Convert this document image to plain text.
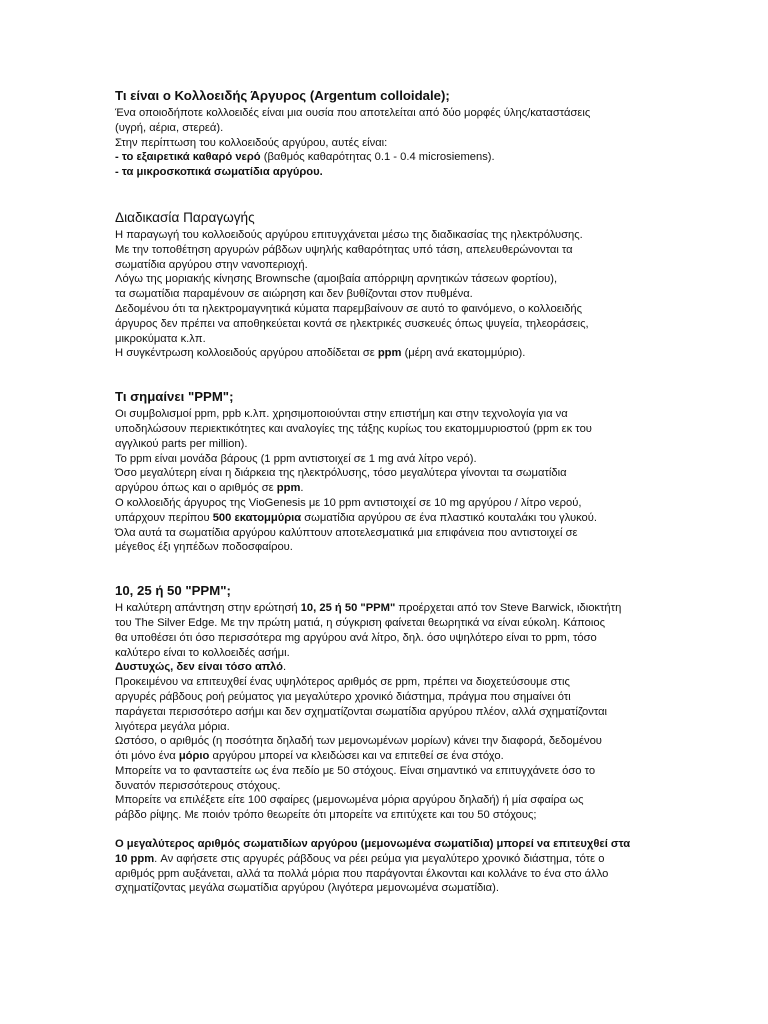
Τι είναι ο Κολλοειδής Άργυρος (Argentum colloidale);

Ένα οποιοδήποτε κολλοειδές είναι μια ουσία που αποτελείται από δύο μορφές ύλης/καταστάσεις

(υγρή, αέρια, στερεά).

Στην περίπτωση του κολλοειδούς αργύρου, αυτές είναι:

- το εξαιρετικά καθαρό νερό (βαθμός καθαρότητας 0.1 - 0.4 microsiemens).

- τα μικροσκοπικά σωματίδια αργύρου.

Διαδικασία Παραγωγής

Η παραγωγή του κολλοειδούς αργύρου επιτυγχάνεται μέσω της διαδικασίας της ηλεκτρόλυσης.

Με την τοποθέτηση αργυρών ράβδων υψηλής καθαρότητας υπό τάση, απελευθερώνονται τα

σωματίδια αργύρου στην νανοπεριοχή.

Λόγω της μοριακής κίνησης Brownsche (αμοιβαία απόρριψη αρνητικών τάσεων φορτίου),

τα σωματίδια παραμένουν σε αιώρηση και δεν βυθίζονται στον πυθμένα.

Δεδομένου ότι τα ηλεκτρομαγνητικά κύματα παρεμβαίνουν σε αυτό το φαινόμενο, ο κολλοειδής

άργυρος δεν πρέπει να αποθηκεύεται κοντά σε ηλεκτρικές συσκευές όπως ψυγεία, τηλεοράσεις,

μικροκύματα κ.λπ.

Η συγκέντρωση κολλοειδούς αργύρου αποδίδεται σε ppm (μέρη ανά εκατομμύριο).

Τι σημαίνει "PPM";

Οι συμβολισμοί ppm, ppb κ.λπ. χρησιμοποιούνται στην επιστήμη και στην τεχνολογία για να

υποδηλώσουν περιεκτικότητες και αναλογίες της τάξης κυρίως του εκατομμυριοστού (ppm εκ του

αγγλικού parts per million).

Το ppm είναι μονάδα βάρους (1 ppm αντιστοιχεί σε 1 mg ανά λίτρο νερό).

Όσο μεγαλύτερη είναι η διάρκεια της ηλεκτρόλυσης, τόσο μεγαλύτερα γίνονται τα σωματίδια

αργύρου όπως και ο αριθμός σε ppm.

Ο κολλοειδής άργυρος της VioGenesis με 10 ppm αντιστοιχεί σε 10 mg αργύρου / λίτρο νερού,

υπάρχουν περίπου 500 εκατομμύρια σωματίδια αργύρου σε ένα πλαστικό κουταλάκι του γλυκού.

Όλα αυτά τα σωματίδια αργύρου καλύπτουν αποτελεσματικά μια επιφάνεια που αντιστοιχεί σε

μέγεθος έξι γηπέδων ποδοσφαίρου.

10, 25 ή 50 "PPM";

Η καλύτερη απάντηση στην ερώτησή 10, 25 ή 50 "PPM" προέρχεται από τον Steve Barwick, ιδιοκτήτη

του The Silver Edge. Με την πρώτη ματιά, η σύγκριση φαίνεται θεωρητικά να είναι εύκολη. Κάποιος

θα υποθέσει ότι όσο περισσότερα mg αργύρου ανά λίτρο, δηλ. όσο υψηλότερο είναι το ppm, τόσο

καλύτερο είναι το κολλοειδές ασήμι.

Δυστυχώς, δεν είναι τόσο απλό.

Προκειμένου να επιτευχθεί ένας υψηλότερος αριθμός σε ppm, πρέπει να διοχετεύσουμε στις

αργυρές ράβδους ροή ρεύματος για μεγαλύτερο χρονικό διάστημα, πράγμα που σημαίνει ότι

παράγεται περισσότερο ασήμι και δεν σχηματίζονται σωματίδια αργύρου πλέον, αλλά σχηματίζονται

λιγότερα μεγάλα μόρια.

Ωστόσο, ο αριθμός (η ποσότητα δηλαδή των μεμονωμένων μορίων) κάνει την διαφορά, δεδομένου

ότι μόνο ένα μόριο αργύρου μπορεί να κλειδώσει και να επιτεθεί σε ένα στόχο.

Μπορείτε να το φανταστείτε ως ένα πεδίο με 50 στόχους. Είναι σημαντικό να επιτυγχάνετε όσο το

δυνατόν περισσότερους στόχους.

Μπορείτε να επιλέξετε είτε 100 σφαίρες (μεμονωμένα μόρια αργύρου δηλαδή) ή μία σφαίρα ως

ράβδο ρίψης. Με ποιόν τρόπο θεωρείτε ότι μπορείτε να επιτύχετε και του 50 στόχους;

Ο μεγαλύτερος αριθμός σωματιδίων αργύρου (μεμονωμένα σωματίδια) μπορεί να επιτευχθεί στα

10 ppm. Αν αφήσετε στις αργυρές ράβδους να ρέει ρεύμα για μεγαλύτερο χρονικό διάστημα, τότε ο

αριθμός ppm αυξάνεται, αλλά τα πολλά μόρια που παράγονται έλκονται και κολλάνε το ένα στο άλλο

σχηματίζοντας μεγάλα σωματίδια αργύρου (λιγότερα μεμονωμένα σωματίδια).
